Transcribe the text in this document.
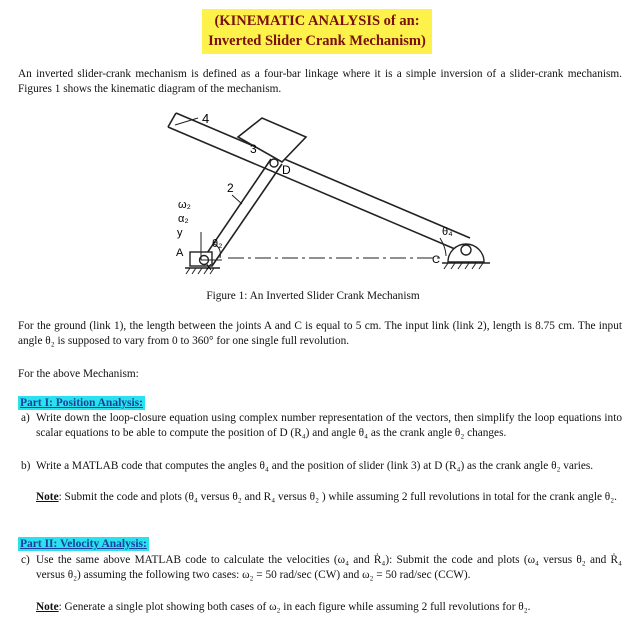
(KINEMATIC ANALYSIS of an:
Inverted Slider Crank Mechanism)
An inverted slider-crank mechanism is defined as a four-bar linkage where it is a simple inversion of a slider-crank mechanism. Figures 1 shows the kinematic diagram of the mechanism.
4
3
D
2
ω₂
α₂
y
θ₂
A
x
θ₄
C
Figure 1: An Inverted Slider Crank Mechanism
For the ground (link 1), the length between the joints A and C is equal to 5 cm. The input link (link 2), length is 8.75 cm. The input angle θ₂ is supposed to vary from 0 to 360° for one single full revolution.
For the above Mechanism:
Part I: Position Analysis:
a) Write down the loop-closure equation using complex number representation of the vectors, then simplify the loop equations into scalar equations to be able to compute the position of D (R₄) and angle θ₄ as the crank angle θ₂ changes.
b) Write a MATLAB code that computes the angles θ₄ and the position of slider (link 3) at D (R₄) as the crank angle θ₂ varies.
Note: Submit the code and plots (θ₄ versus θ₂ and R₄ versus θ₂ ) while assuming 2 full revolutions in total for the crank angle θ₂.
Part II: Velocity Analysis:
c) Use the same above MATLAB code to calculate the velocities (ω₄ and Ṙ₄): Submit the code and plots (ω₄ versus θ₂ and Ṙ₄ versus θ₂) assuming the following two cases: ω₂ = 50 rad/sec (CW) and ω₂ = 50 rad/sec (CCW).
Note: Generate a single plot showing both cases of ω₂ in each figure while assuming 2 full revolutions for θ₂.
